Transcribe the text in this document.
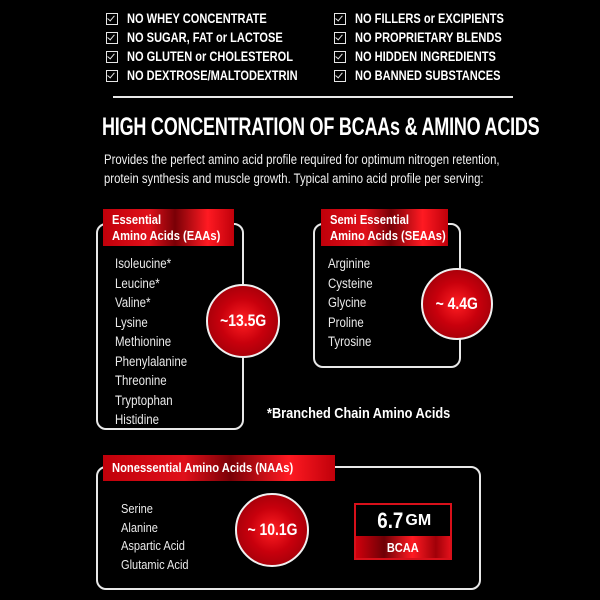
NO WHEY CONCENTRATE
NO SUGAR, FAT or LACTOSE
NO GLUTEN or CHOLESTEROL
NO DEXTROSE/MALTODEXTRIN
NO FILLERS or EXCIPIENTS
NO PROPRIETARY BLENDS
NO HIDDEN INGREDIENTS
NO BANNED SUBSTANCES
HIGH CONCENTRATION OF BCAAs & AMINO ACIDS
Provides the perfect amino acid profile required for optimum nitrogen retention,
protein synthesis and muscle growth. Typical amino acid profile per serving:
Essential
Amino Acids (EAAs)
Isoleucine*
Leucine*
Valine*
Lysine
Methionine
Phenylalanine
Threonine
Tryptophan
Histidine
~13.5G
Semi Essential
Amino Acids (SEAAs)
Arginine
Cysteine
Glycine
Proline
Tyrosine
~ 4.4G
*Branched Chain Amino Acids
Nonessential Amino Acids (NAAs)
Serine
Alanine
Aspartic Acid
Glutamic Acid
~ 10.1G	6.7 GM
BCAA
